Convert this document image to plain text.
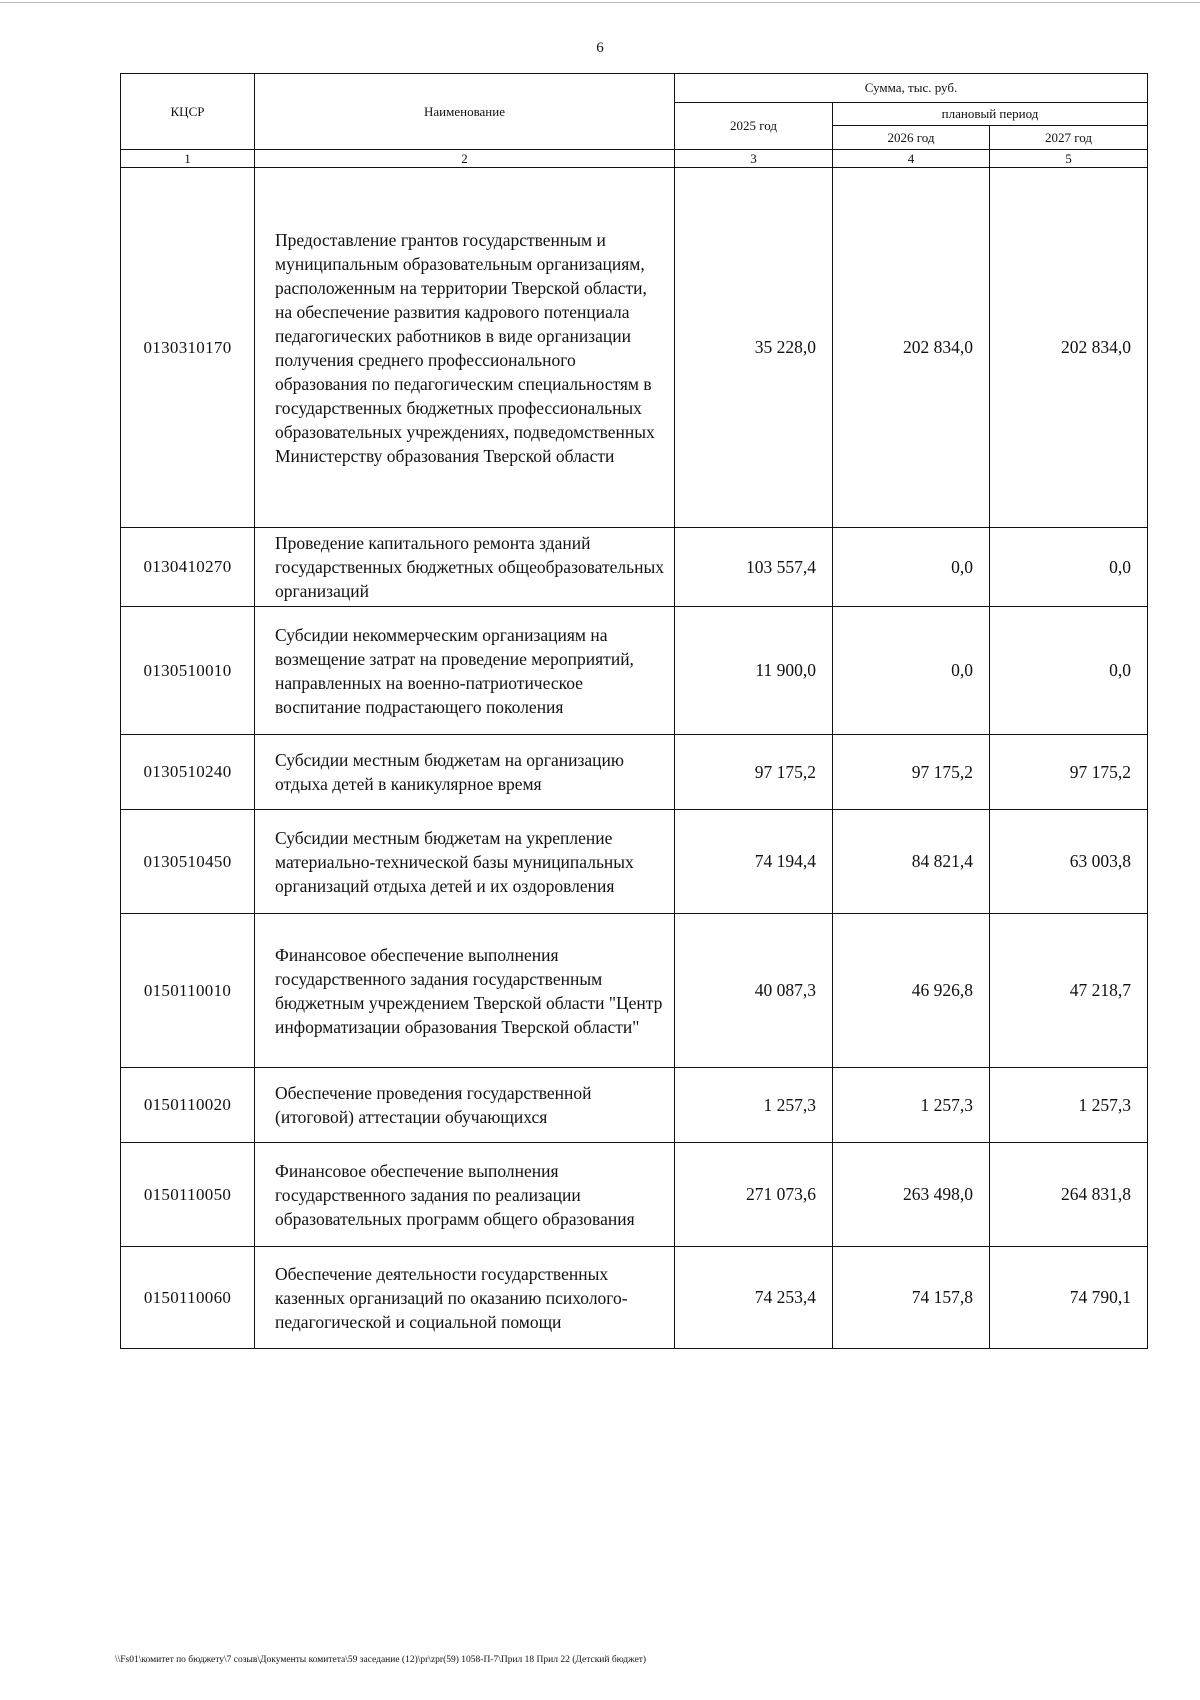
6
КЦСР	Наименование	Сумма, тыс. руб.		
		2025 год	плановый период	
			2026 год	2027 год
1	2	3	4	5
0130310170	Предоставление грантов государственным и муниципальным образовательным организациям, расположенным на территории Тверской области, на обеспечение развития кадрового потенциала педагогических работников в виде организации получения среднего профессионального образования по педагогическим специальностям в государственных бюджетных профессиональных образовательных учреждениях, подведомственных Министерству образования Тверской области	35 228,0	202 834,0	202 834,0
0130410270	Проведение капитального ремонта зданий государственных бюджетных общеобразовательных организаций	103 557,4	0,0	0,0
0130510010	Субсидии некоммерческим организациям на возмещение затрат на проведение мероприятий, направленных на военно-патриотическое воспитание подрастающего поколения	11 900,0	0,0	0,0
0130510240	Субсидии местным бюджетам на организацию отдыха детей в каникулярное время	97 175,2	97 175,2	97 175,2
0130510450	Субсидии местным бюджетам на укрепление материально-технической базы муниципальных организаций отдыха детей и их оздоровления	74 194,4	84 821,4	63 003,8
0150110010	Финансовое обеспечение выполнения государственного задания государственным бюджетным учреждением Тверской области "Центр информатизации образования Тверской области"	40 087,3	46 926,8	47 218,7
0150110020	Обеспечение проведения государственной (итоговой) аттестации обучающихся	1 257,3	1 257,3	1 257,3
0150110050	Финансовое обеспечение выполнения государственного задания по реализации образовательных программ общего образования	271 073,6	263 498,0	264 831,8
0150110060	Обеспечение деятельности государственных казенных организаций по оказанию психолого-педагогической и социальной помощи	74 253,4	74 157,8	74 790,1
\\Fs01\комитет по бюджету\7 созыв\Документы комитета\59 заседание (12)\pr\zpr(59) 1058-П-7\Прил 18 Прил 22 (Детский бюджет)
